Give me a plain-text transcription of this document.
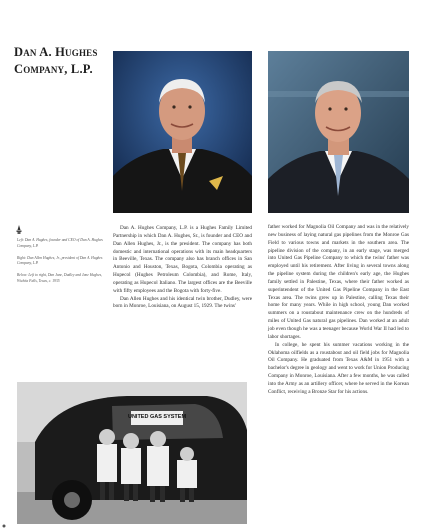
Dan A. Hughes
Company, L.P.

Left: Dan A. Hughes, founder and CEO of Dan A. Hughes Company, L.P.

Right: Dan Allen Hughes, Jr., president of Dan A. Hughes Company, L.P.

Below: Left to right, Dan Jane, Dudley and Jane Hughes, Wichita Falls, Texas, c. 1935

Dan A. Hughes Company, L.P. is a Hughes Family Limited Partnership in which Dan A. Hughes, Sr., is founder and CEO and Dan Allen Hughes, Jr., is the president. The company has both domestic and international operations with its main headquarters in Beeville, Texas. The company also has branch offices in San Antonio and Houston, Texas, Bogota, Colombia operating as Hupecol (Hughes Petroleum Colombia), and Rome, Italy, operating as Hupecol Italiano. The largest offices are the Beeville with fifty employees and the Bogota with forty-five.

Dan Allen Hughes and his identical twin brother, Dudley, were born in Monroe, Louisiana, on August 15, 1929. The twins'

father worked for Magnolia Oil Company and was in the relatively new business of laying natural gas pipelines from the Monroe Gas Field to various towns and markets in the southern area. The pipeline division of the company, in an early stage, was merged into United Gas Pipeline Company to which the twins' father was employed until his retirement. After living in several towns along the pipeline system during the children's early age, the Hughes family settled in Palestine, Texas, where their father worked as superintendent of the United Gas Pipeline Company in the East Texas area. The twins grew up in Palestine, calling Texas their home for many years. While in high school, young Dan worked summers on a roustabout maintenance crew on the hundreds of miles of United Gas natural gas pipelines. Dan worked at an adult job even though he was a teenager because World War II had led to labor shortages.

In college, he spent his summer vacations working in the Oklahoma oilfields as a roustabout and oil field jobs for Magnolia Oil Company. He graduated from Texas A&M in 1951 with a bachelor's degree in geology and went to work for Union Producing Company in Monroe, Louisiana. After a few months, he was called into the Army as an artillery officer, where he served in the Korean Conflict, receiving a Bronze Star for his actions.

UNITED GAS SYSTEM
